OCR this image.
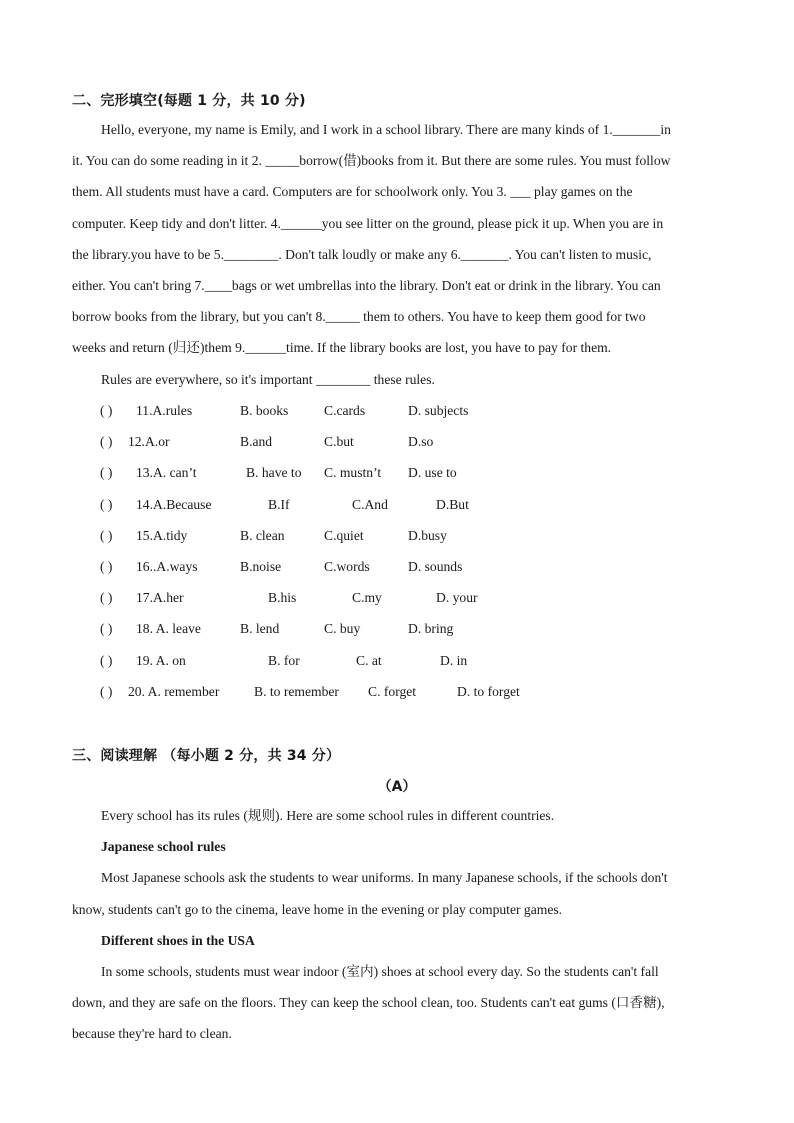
二、完形填空(每题 1 分，共 10 分)
Hello, everyone, my name is Emily, and I work in a school library. There are many kinds of 1._______in
it. You can do some reading in it 2. _____borrow(借)books from it. But there are some rules. You must follow
them. All students must have a card. Computers are for schoolwork only. You 3. ___ play games on the
computer. Keep tidy and don't litter. 4.______you see litter on the ground, please pick it up. When you are in
the library.you have to be 5.________. Don't talk loudly or make any 6._______. You can't listen to music,
either. You can't bring 7.____bags or wet umbrellas into the library. Don't eat or drink in the library. You can
borrow books from the library, but you can't 8._____ them to others. You have to keep them good for two
weeks and return (归还)them 9.______time. If the library books are lost, you have to pay for them.
Rules are everywhere, so it's important ________ these rules.
( ) 11.A.rules	B. books	C.cards	D. subjects
( ) 12.A.or	B.and	C.but	D.so
( ) 13.A. can’t	B. have to C. mustn’t D. use to
( ) 14.A.Because	B.If	C.And	D.But
( ) 15.A.tidy	B. clean	C.quiet	D.busy
( ) 16..A.ways	B.noise	C.words	D. sounds
( ) 17.A.her	B.his	C.my	D. your
( ) 18. A. leave	B. lend	C. buy	D. bring
( ) 19. A. on	B. for	C. at	D. in
( ) 20. A. remember	B. to remember C. forget	D. to forget
三、阅读理解 （每小题 2 分，共 34 分）
（A）
Every school has its rules (规则). Here are some school rules in different countries.
Japanese school rules
Most Japanese schools ask the students to wear uniforms. In many Japanese schools, if the schools don't
know, students can't go to the cinema, leave home in the evening or play computer games.
Different shoes in the USA
In some schools, students must wear indoor (室内) shoes at school every day. So the students can't fall
down, and they are safe on the floors. They can keep the school clean, too. Students can't eat gums (口香糖),
because they're hard to clean.
